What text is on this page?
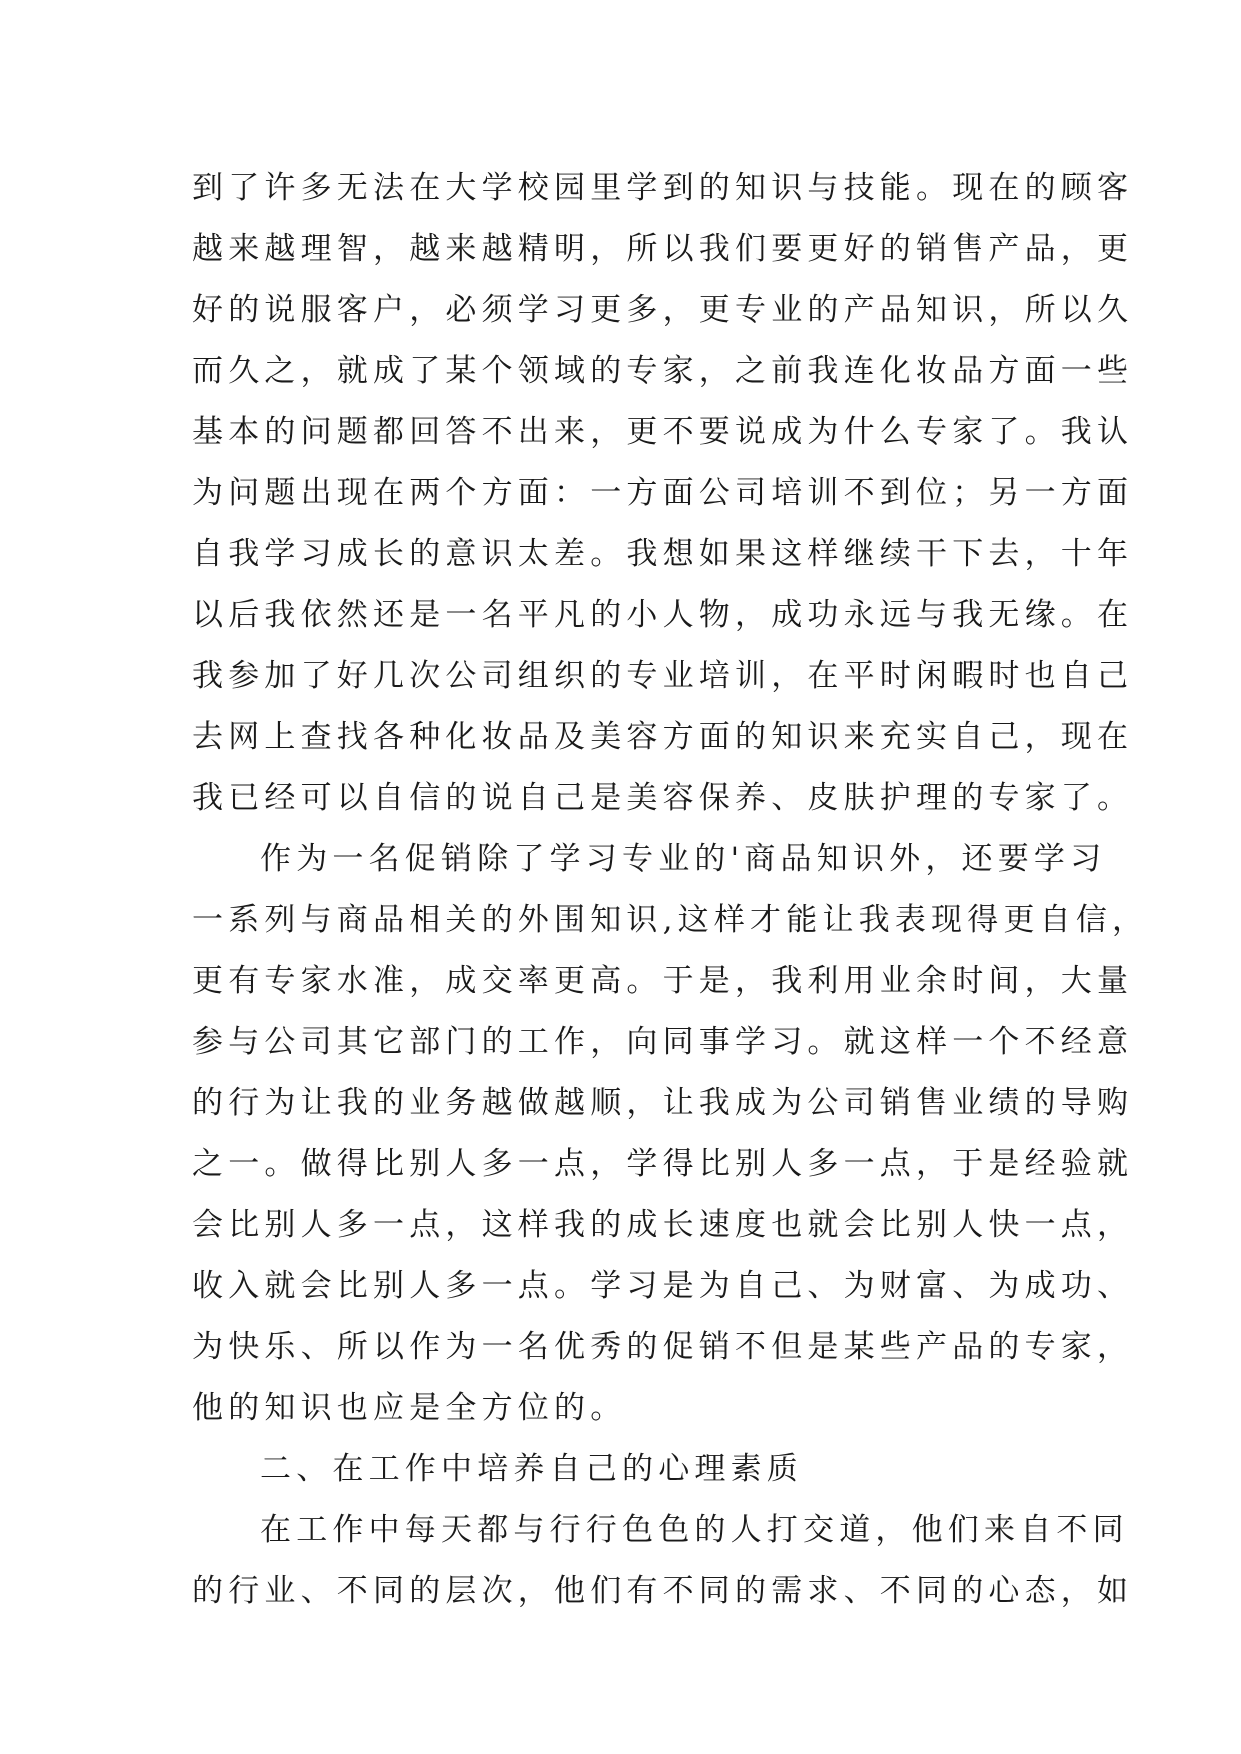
到了许多无法在大学校园里学到的知识与技能。现在的顾客
越来越理智，越来越精明，所以我们要更好的销售产品，更
好的说服客户，必须学习更多，更专业的产品知识，所以久
而久之，就成了某个领域的专家，之前我连化妆品方面一些
基本的问题都回答不出来，更不要说成为什么专家了。我认
为问题出现在两个方面：一方面公司培训不到位；另一方面
自我学习成长的意识太差。我想如果这样继续干下去，十年
以后我依然还是一名平凡的小人物，成功永远与我无缘。在
我参加了好几次公司组织的专业培训，在平时闲暇时也自己
去网上查找各种化妆品及美容方面的知识来充实自己，现在
我已经可以自信的说自己是美容保养、皮肤护理的专家了。
作为一名促销除了学习专业的'商品知识外，还要学习
一系列与商品相关的外围知识,这样才能让我表现得更自信，
更有专家水准，成交率更高。于是，我利用业余时间，大量
参与公司其它部门的工作，向同事学习。就这样一个不经意
的行为让我的业务越做越顺，让我成为公司销售业绩的导购
之一。做得比别人多一点，学得比别人多一点，于是经验就
会比别人多一点，这样我的成长速度也就会比别人快一点，
收入就会比别人多一点。学习是为自己、为财富、为成功、
为快乐、所以作为一名优秀的促销不但是某些产品的专家，
他的知识也应是全方位的。
二、在工作中培养自己的心理素质
在工作中每天都与行行色色的人打交道，他们来自不同
的行业、不同的层次，他们有不同的需求、不同的心态，如
